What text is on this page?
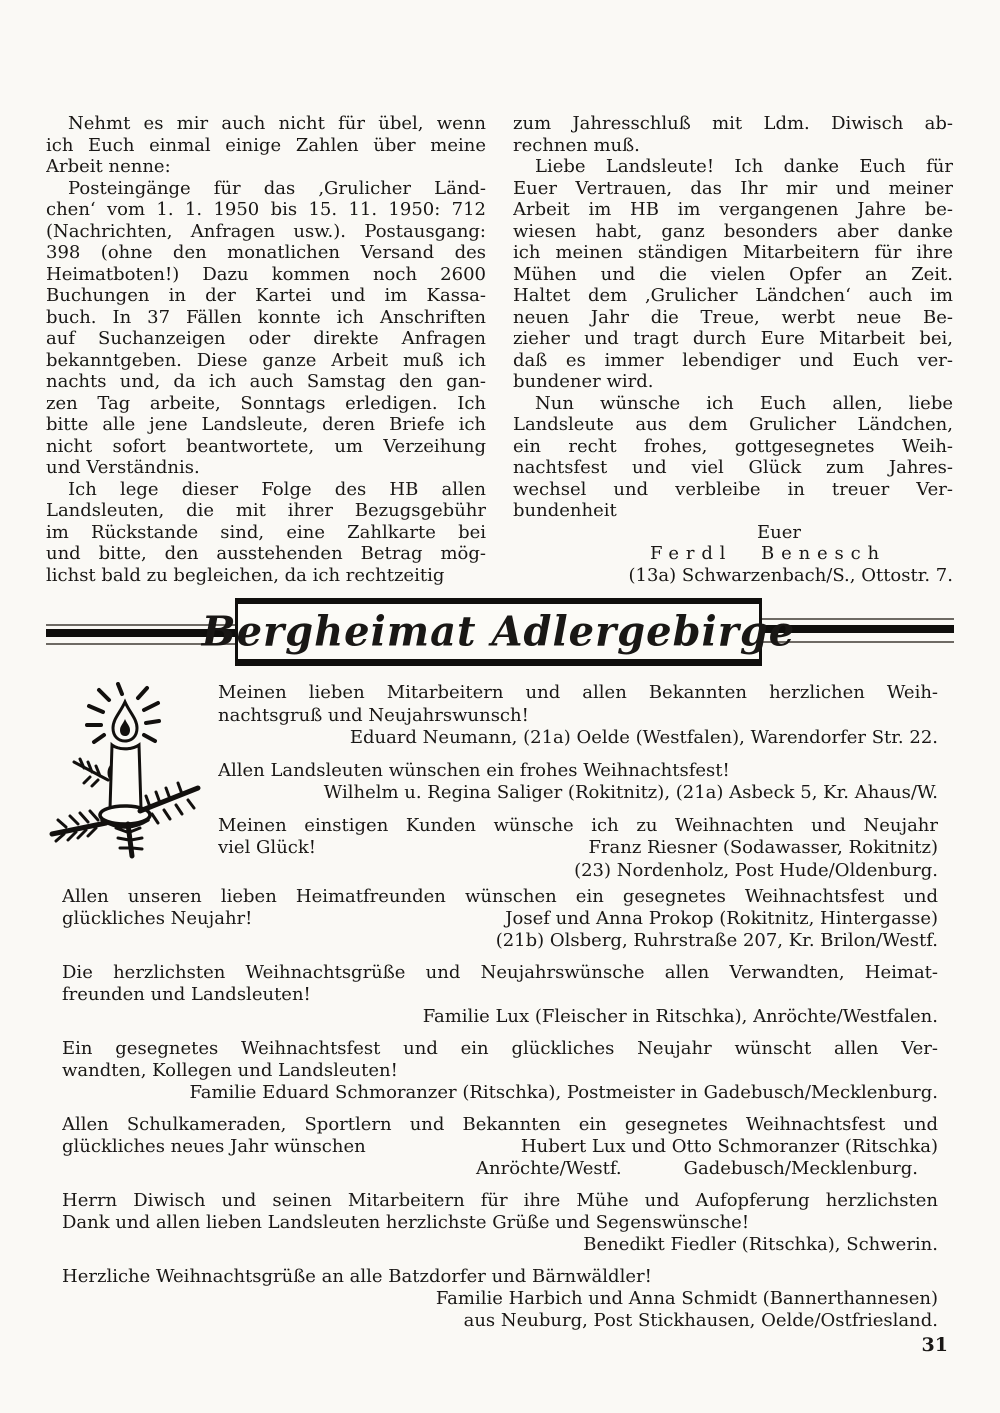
Nehmt es mir auch nicht für übel, wenn
ich Euch einmal einige Zahlen über meine
Arbeit nenne:
Posteingänge für das ‚Grulicher Länd-
chen‘ vom 1. 1. 1950 bis 15. 11. 1950: 712
(Nachrichten, Anfragen usw.). Postausgang:
398 (ohne den monatlichen Versand des
Heimatboten!) Dazu kommen noch 2600
Buchungen in der Kartei und im Kassa-
buch. In 37 Fällen konnte ich Anschriften
auf Suchanzeigen oder direkte Anfragen
bekanntgeben. Diese ganze Arbeit muß ich
nachts und, da ich auch Samstag den gan-
zen Tag arbeite, Sonntags erledigen. Ich
bitte alle jene Landsleute, deren Briefe ich
nicht sofort beantwortete, um Verzeihung
und Verständnis.
Ich lege dieser Folge des HB allen
Landsleuten, die mit ihrer Bezugsgebühr
im Rückstande sind, eine Zahlkarte bei
und bitte, den ausstehenden Betrag mög-
lichst bald zu begleichen, da ich rechtzeitig
zum Jahresschluß mit Ldm. Diwisch ab-
rechnen muß.
Liebe Landsleute! Ich danke Euch für
Euer Vertrauen, das Ihr mir und meiner
Arbeit im HB im vergangenen Jahre be-
wiesen habt, ganz besonders aber danke
ich meinen ständigen Mitarbeitern für ihre
Mühen und die vielen Opfer an Zeit.
Haltet dem ‚Grulicher Ländchen‘ auch im
neuen Jahr die Treue, werbt neue Be-
zieher und tragt durch Eure Mitarbeit bei,
daß es immer lebendiger und Euch ver-
bundener wird.
Nun wünsche ich Euch allen, liebe
Landsleute aus dem Grulicher Ländchen,
ein recht frohes, gottgesegnetes Weih-
nachtsfest und viel Glück zum Jahres-
wechsel und verbleibe in treuer Ver-
bundenheit
Euer
Ferdl Benesch
(13a) Schwarzenbach/S., Ottostr. 7.
Bergheimat Adlergebirge
Meinen lieben Mitarbeitern und allen Bekannten herzlichen Weih-
nachtsgruß und Neujahrswunsch!
Eduard Neumann, (21a) Oelde (Westfalen), Warendorfer Str. 22.
Allen Landsleuten wünschen ein frohes Weihnachtsfest!
Wilhelm u. Regina Saliger (Rokitnitz), (21a) Asbeck 5, Kr. Ahaus/W.
Meinen einstigen Kunden wünsche ich zu Weihnachten und Neujahr
viel Glück!	Franz Riesner (Sodawasser, Rokitnitz)
(23) Nordenholz, Post Hude/Oldenburg.
Allen unseren lieben Heimatfreunden wünschen ein gesegnetes Weihnachtsfest und
glückliches Neujahr!	Josef und Anna Prokop (Rokitnitz, Hintergasse)
(21b) Olsberg, Ruhrstraße 207, Kr. Brilon/Westf.
Die herzlichsten Weihnachtsgrüße und Neujahrswünsche allen Verwandten, Heimat-
freunden und Landsleuten!
Familie Lux (Fleischer in Ritschka), Anröchte/Westfalen.
Ein gesegnetes Weihnachtsfest und ein glückliches Neujahr wünscht allen Ver-
wandten, Kollegen und Landsleuten!
Familie Eduard Schmoranzer (Ritschka), Postmeister in Gadebusch/Mecklenburg.
Allen Schulkameraden, Sportlern und Bekannten ein gesegnetes Weihnachtsfest und
glückliches neues Jahr wünschen	Hubert Lux und Otto Schmoranzer (Ritschka)
Anröchte/Westf.	Gadebusch/Mecklenburg.
Herrn Diwisch und seinen Mitarbeitern für ihre Mühe und Aufopferung herzlichsten
Dank und allen lieben Landsleuten herzlichste Grüße und Segenswünsche!
Benedikt Fiedler (Ritschka), Schwerin.
Herzliche Weihnachtsgrüße an alle Batzdorfer und Bärnwäldler!
Familie Harbich und Anna Schmidt (Bannerthannesen)
aus Neuburg, Post Stickhausen, Oelde/Ostfriesland.
31
